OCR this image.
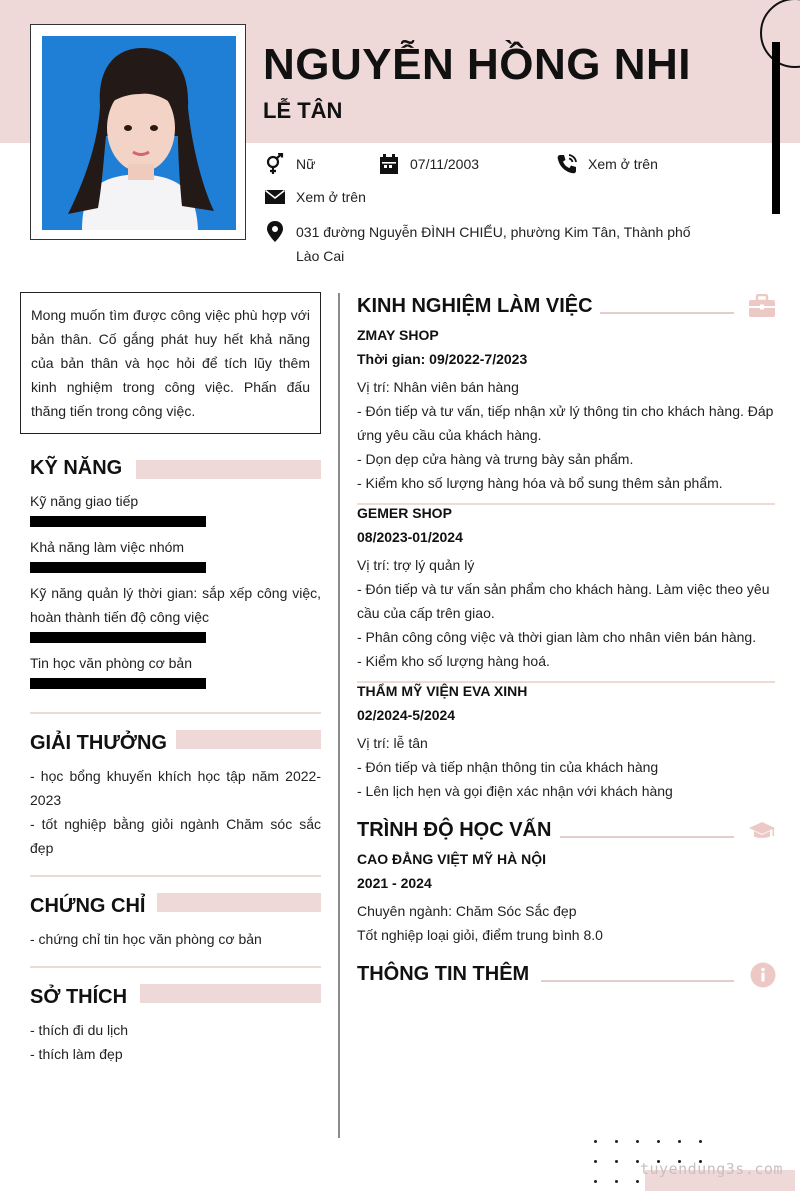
NGUYỄN HỒNG NHI
LỄ TÂN
Nữ	07/11/2003	Xem ở trên
Xem ở trên
031 đường Nguyễn ĐÌNH CHIỂU, phường Kim Tân, Thành phố Lào Cai
Mong muốn tìm được công việc phù hợp với bản thân. Cố gắng phát huy hết khả năng của bản thân và học hỏi để tích lũy thêm kinh nghiệm trong công việc. Phấn đấu thăng tiến trong công việc.
KỸ NĂNG
Kỹ năng giao tiếp
Khả năng làm việc nhóm
Kỹ năng quản lý thời gian: sắp xếp công việc, hoàn thành tiến độ công việc
Tin học văn phòng cơ bản
GIẢI THƯỞNG
- học bổng khuyến khích học tập năm 2022-2023
- tốt nghiệp bằng giỏi ngành Chăm sóc sắc đẹp
CHỨNG CHỈ
- chứng chỉ tin học văn phòng cơ bản
SỞ THÍCH
- thích đi du lịch
- thích làm đẹp
KINH NGHIỆM LÀM VIỆC
ZMAY SHOP
Thời gian: 09/2022-7/2023
Vị trí: Nhân viên bán hàng
- Đón tiếp và tư vấn, tiếp nhận xử lý thông tin cho khách hàng. Đáp ứng yêu cầu của khách hàng.
- Dọn dẹp cửa hàng và trưng bày sản phẩm.
- Kiểm kho số lượng hàng hóa và bổ sung thêm sản phẩm.
GEMER SHOP
08/2023-01/2024
Vị trí: trợ lý quản lý
- Đón tiếp và tư vấn sản phẩm cho khách hàng. Làm việc theo yêu cầu của cấp trên giao.
- Phân công công việc và thời gian làm cho nhân viên bán hàng.
- Kiểm kho số lượng hàng hoá.
THẨM MỸ VIỆN EVA XINH
02/2024-5/2024
Vị trí: lễ tân
- Đón tiếp và tiếp nhận thông tin của khách hàng
- Lên lịch hẹn và gọi điện xác nhận với khách hàng
TRÌNH ĐỘ HỌC VẤN
CAO ĐẲNG VIỆT MỸ HÀ NỘI
2021 - 2024
Chuyên ngành: Chăm Sóc Sắc đẹp
Tốt nghiệp loại giỏi, điểm trung bình 8.0
THÔNG TIN THÊM
tuyendung3s.com
